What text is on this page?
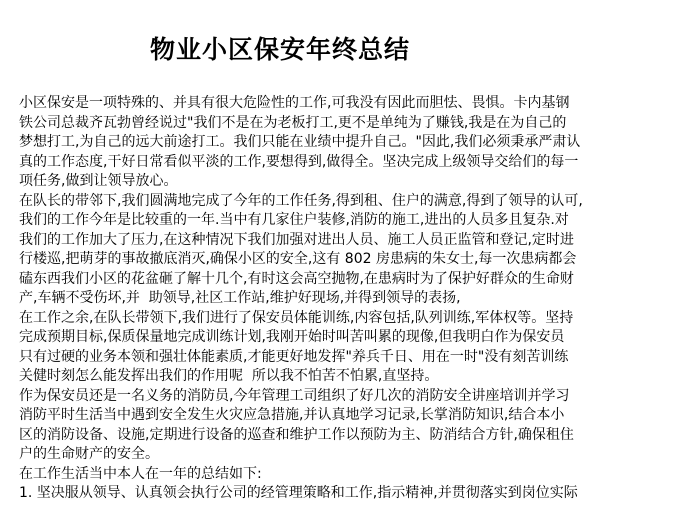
物业小区保安年终总结
小区保安是一项特殊的、并具有很大危险性的工作,可我没有因此而胆怯、畏惧。卡内基钢
铁公司总裁齐瓦勃曾经说过"我们不是在为老板打工,更不是单纯为了赚钱,我是在为自己的
梦想打工,为自己的远大前途打工。我们只能在业绩中提升自己。"因此,我们必须秉承严肃认
真的工作态度,干好日常看似平淡的工作,要想得到,做得全。坚决完成上级领导交给们的每一
项任务,做到让领导放心。
在队长的带邻下,我们圆满地完成了今年的工作任务,得到租、住户的满意,得到了领导的认可,
我们的工作今年是比较重的一年.当中有几家住户装修,消防的施工,进出的人员多且复杂.对
我们的工作加大了压力,在这种情况下我们加强对进出人员、施工人员正监管和登记,定时进
行楼巡,把萌芽的事故撤底消灭,确保小区的安全,这有 802 房患病的朱女士,每一次患病都会
磕东西我们小区的花盆砸了解十几个,有时这会高空抛物,在患病时为了保护好群众的生命财
产,车辆不受伤坏,并  助领导,社区工作站,维护好现场,并得到领导的表扬,
在工作之余,在队长带领下,我们进行了保安员体能训练,内容包括,队列训练,军体权等。坚持
完成预期目标,保质保量地完成训练计划,我刚开始时叫苦叫累的现像,但我明白作为保安员
只有过硬的业务本领和强壮体能素质,才能更好地发挥"养兵千日、用在一时"没有刻苦训练
关健时刻怎么能发挥出我们的作用呢  所以我不怕苦不怕累,直坚持。
作为保安员还是一名义务的消防员,今年管理工司组织了好几次的消防安全讲座培训并学习
消防平时生活当中遇到安全发生火灾应急措施,并认真地学习记录,长掌消防知识,结合本小
区的消防设备、设施,定期进行设备的巡查和维护工作以预防为主、防消结合方针,确保租住
户的生命财产的安全。
在工作生活当中本人在一年的总结如下:
1. 坚决服从领导、认真领会执行公司的经管理策略和工作,指示精神,并贯彻落实到岗位实际
